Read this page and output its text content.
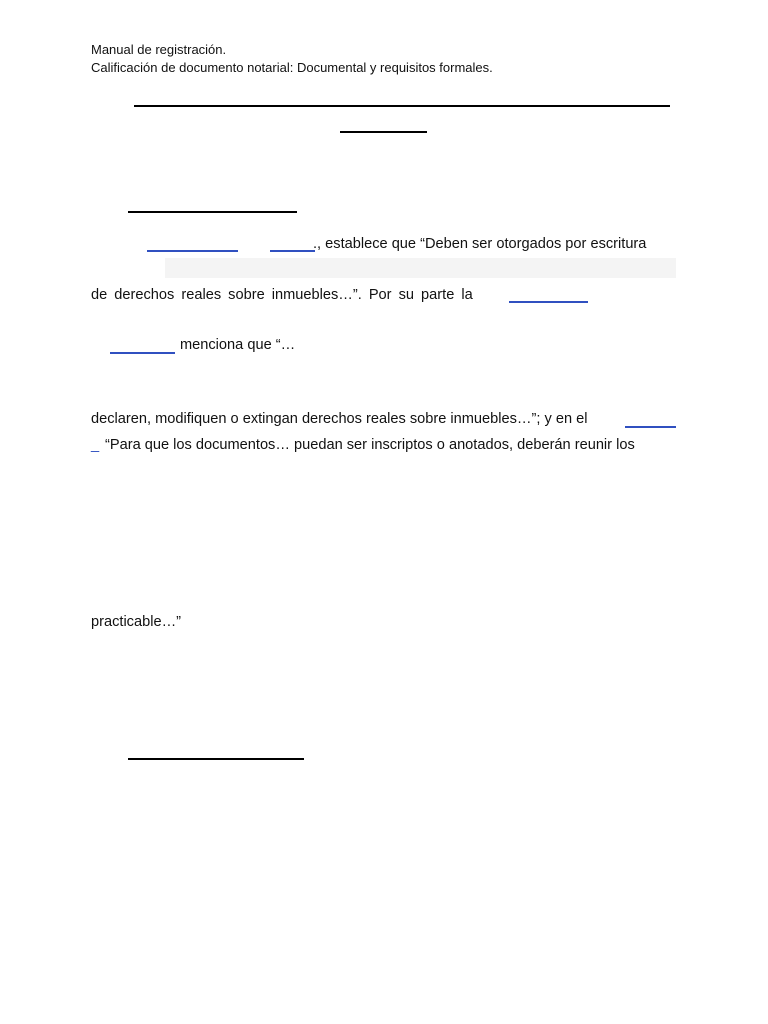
Manual de registración.
Calificación de documento notarial: Documental y requisitos formales.
., establece que “Deben ser otorgados por escritura
de derechos reales sobre inmuebles…”. Por su parte la
menciona que “…
declaren, modifiquen o extingan derechos reales sobre inmuebles…”; y en el
_ “Para que los documentos… puedan ser inscriptos o anotados, deberán reunir los
practicable…”
